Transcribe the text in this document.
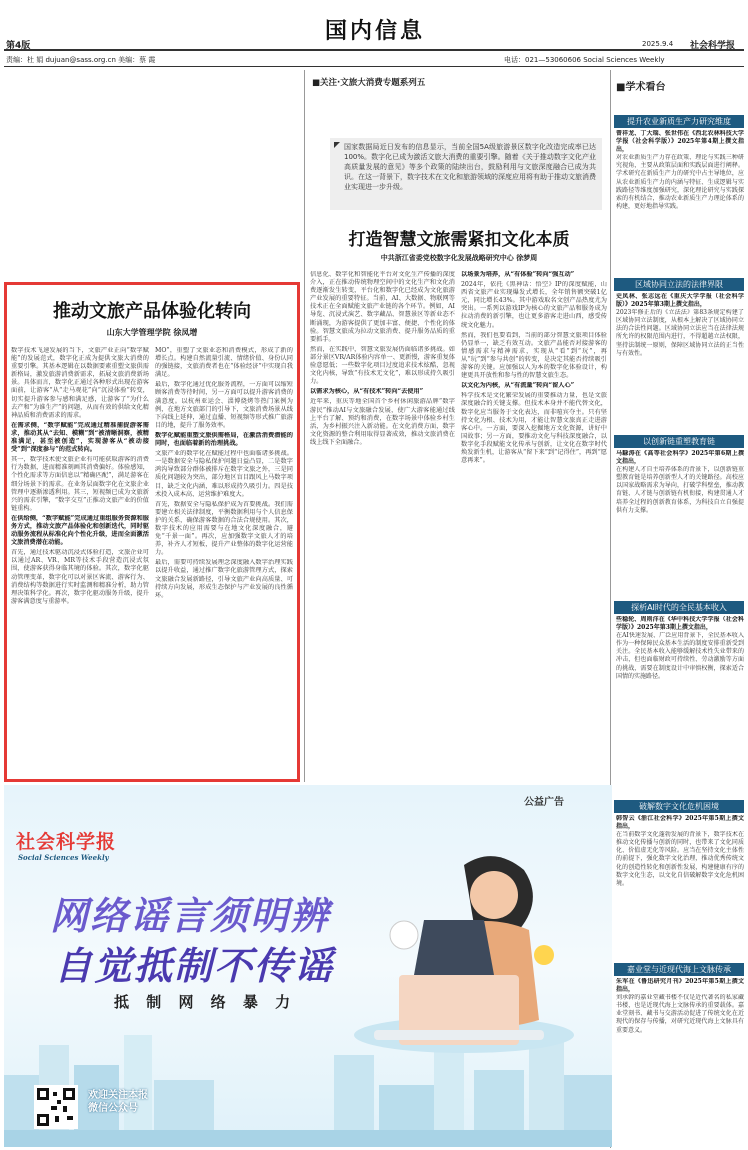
国内信息
第4版	2025.9.4 社会科学报
责编：杜 娟 dujuan@sass.org.cn 美编：蔡 霞	电话：021—53060606 Social Sciences Weekly
■关注·文旅大消费专题系列五
国家数据局近日发布的信息显示，当前全国5A级旅游景区数字化改造完成率已达100%。数字化已成为激活文旅大消费的重要引擎。随着《关于推动数字文化产业高质量发展的意见》等多个政策的陆续出台，鼓励利用与文旅深度融合已成为共识。在这一背景下，数字技术在文化和旅游领域的深度应用将有助于推动文旅消费业实现进一步升级。
推动文旅产品体验化转向
山东大学管理学院 徐凤增

数字技术飞速发展的当下，文旅产业正向“数字赋能”的发展范式，数字化正成为提供文旅大消费的重要引擎。其基本逻辑在以数据要素重塑文旅供需新格局，激发旅游消费新需求，拓展文旅消费新场景。具体而言，数字化正通过各种形式出现在游客面前，让游客“从“走马观花”向“沉浸体验”转变，切实提升游客参与感和满足感，让游客了“为什么去产和”为谁生产”的问题，从而有效的供给文化精神品质和消费需求的需求。

在需求侧，“数字赋能”完成通过精准捕捉游客需求，推动其从“去知、模糊”到“被清晰洞察，被精准满足，甚至被创造”，实现游客从“被动接受”到“深度参与”的范式转向。

其一，数字技术使文旅企业有可能获取游客的消费行为数据，进而精准刻画其消费偏好。体验感知，个性化需求等方面信息以“精确匹配”，满足游客在细分场景下的需求。在业务层面数字化在文旅企业管理中逐渐渗透利用。其三，短视频已成为文旅新兴的需求引擎，“数字交互”正推动文旅产业的价值链重构。

在供给侧，“数字赋能”完成通过重组服务资源和服务方式，推动文旅产品体验化和创新迭代，同时驱动服务流程从标准化向个性化升级，进而全面激活文旅消费潜在动能。

首先，通过技术驱动沉浸式体验打造，文旅企业可以通过AR、VR、MR等技术手段营造沉浸式氛围，使游客获得身临其境的体验。其次，数字化驱动管理变革，数字化可以对景区客流、游客行为、消费结构等数据进行实时监测和精准分析，助力管理决策科学化。再次，数字化驱动服务升级，提升游客满意度与重游率。

MO”，重塑了文旅业态和消费模式，形成了新的增长点。构建自然流量引流、情绪价值、身份认同的强链接，文旅消费者也在“体验经济”中实现自我满足。

最后，数字化通过优化服务流程，一方面可以缩短顾客消费等待时间，另一方面可以提升游客消费的满意度。以杭州亚运会、淄博烧烤等热门案例为例，在地方文旅部门的引导下，文旅消费场景从线下向线上延伸，通过直播、短视频等形式推广旅游目的地，提升了服务效率。

数字化赋能重塑文旅供需格局，在激活消费潜能的同时，也面临着新的治理挑战。

文旅产业的数字化在赋能过程中也面临诸多挑战。一是数据安全与隐私保护问题日益凸显，二是数字鸿沟导致部分群体被排斥在数字文旅之外，三是同质化问题较为突出，部分地区盲目跟风上马数字项目，缺乏文化内涵，难以形成持久吸引力。四是技术投入成本高、运营维护难度大。

首先，数据安全与隐私保护成为首要挑战。我们需要建立相关法律制度，平衡数据利用与个人信息保护的关系，确保游客数据的合法合规使用。其次，数字技术的应用需要与在地文化深度融合，避免“千景一面”。再次，应加强数字文旅人才的培养，补齐人才短板，提升产业整体的数字化运营能力。

最后，需要可持续发展理念深度融入数字治理实践以提升收益，通过推广数字化旅游管理方式，探索文旅融合发展新路径，引导文旅产业向高质量、可持续方向发展，形成生态保护与产业发展的良性循环。

打造智慧文旅需紧扣文化本质
中共浙江省委党校数字化发展战略研究中心 徐梦周

信息化、数字化和智能化平台对文化生产传播的深度介入，正在推动传统物理空间中的文化生产和文化消费逐渐发生转变，平台化和数字化已经成为文化旅游产业发展的重要特征。当前，AI、大数据、物联网等技术正在全面赋能文旅产业链的各个环节。例如，AI导览、沉浸式演艺、数字藏品、智慧景区等新业态不断涌现，为游客提供了更加丰富、便捷、个性化的体验。智慧文旅成为拉动文旅消费、提升服务品质的重要抓手。

然而，在实践中，智慧文旅发展仍面临诸多挑战。如部分景区VR/AR体验内容单一、更新慢，游客重复体验意愿低；一些数字化项目过度追求技术炫酷，忽视文化内核，导致“有技术无文化”，难以形成持久吸引力。

以需求为核心，从“有技术”转向“去使用”

近年来，重庆等地全国首个乡村休闲旅游品牌“数字游民”推动AI与文旅融合发展，使广大游客能通过线上平台了解、预约和消费，在数字场景中体验乡村生活，为乡村振兴注入新动能。在文化消费方面，数字文化资源的整合利用取得显著成效，推动文旅消费在线上线下全面融合。

以场景为培养，从“有体验”转向“强互动”

2024年，依托《黑神话：悟空》IP的深度赋能，山西省文旅产业实现爆发式增长，全年销售额突破1亿元，同比增长43%。其中游戏取名文创产品热度尤为突出。一系列以游戏IP为核心的文旅产品和服务成为拉动消费的新引擎，也让更多游客走进山西，感受传统文化魅力。

然而，我们也要看到，当前的部分智慧文旅项目体验仍显单一，缺乏有效互动。文旅产品能否对接游客的情感需求与精神需求，实现从“看”到“玩”，再从“玩”到“参与共创”的转变，是决定其能否持续吸引游客的关键。应加强以人为本的数字化体验设计，构建更具开放性和参与性的智慧文旅生态。

以文化为内核，从“有流量”转向“留人心”

科学技术是文化繁荣发展的重要推动力量，也是文旅深度融合的关键支撑。但技术本身并不能代替文化，数字化应当服务于文化表达，而非喧宾夺主。只有坚持文化为根、技术为用，才能让智慧文旅真正走进游客心中。一方面，要深入挖掘地方文化资源，讲好中国故事；另一方面，要推动文化与科技深度融合，以数字化手段赋能文化传承与创新，让文化在数字时代焕发新生机，让游客从“留下来”到“记得住”，再到“愿意再来”。

■学术看台
提升农业新质生产力研究维度

曾祥龙、丁大瑞、张世伟在《西北农林科技大学学报（社会科学版）》2025年第4期上撰文指出，

对农业新质生产力存在政策、理论与实践三种研究视角，主要从政策层面和实践层面进行阐释。学术研究在新质生产力的研究中占主导地位，应从农业新质生产力的内涵与特征、生成逻辑与实践路径等维度加强研究，深化理论研究与实践探索的有机结合，推动农业新质生产力理论体系的构建，更好地指导实践。

区域协同立法的法律界限

史凤林、张志远在《重庆大学学报（社会科学版）》2025年第3期上撰文指出，

2023年修正后的《立法法》第83条规定构建了区域协同立法制度，从根本上解决了区域协同立法的合法性问题。区域协同立法应当在法律法规所允许的权限范围内进行，不得超越立法权限，坚持法制统一原则，保障区域协同立法的正当性与有效性。

以创新链重塑教育链

马騄涛在《高等社会科学》2025年第6期上撰文指出，

在构建人才自主培养体系的背景下，以创新链重塑教育链是培养创新型人才的关键路径。高校应以国家战略需求为导向，打破学科壁垒，推动教育链、人才链与创新链有机衔接，构建贯通人才培养全过程的创新教育体系，为科技自立自强提供有力支撑。

探析AI时代的全民基本收入

些稳轮、周则洋在《华中科技大学学报（社会科学版）》2025年第3期上撰文指出，

在AI快速发展、广泛应用背景下，全民基本收入作为一种保障民众基本生活的制度安排重新受到关注。全民基本收入能够缓解技术性失业带来的冲击，但也面临财政可持续性、劳动激励等方面的挑战，需要在制度设计中审慎权衡，探索适合国情的实施路径。

破解数字文化危机困境

韩智云《浙江社会科学》2025年第5期上撰文指出，

在当前数字文化蓬勃发展的背景下，数字技术在推动文化传播与创新的同时，也带来了文化同质化、价值虚无化等风险。应当在坚持文化主体性的前提下，强化数字文化治理，推动优秀传统文化的创造性转化和创新性发展，构建健康有序的数字文化生态，以文化自信破解数字文化危机困境。

嘉业堂与近现代海上文脉传承

朱军在《鲁迅研究月刊》2025年第5期上撰文指出，

刘承幹的嘉业堂藏书楼不仅是近代著名的私家藏书楼，也是近现代海上文脉传承的重要载体。嘉业堂刻书、藏书与交游活动促进了传统文化在近现代的保存与传播，对研究近现代海上文脉具有重要意义。

公益广告
社会科学报
Social Sciences Weekly
网络谣言须明辨
自觉抵制不传谣
抵 制 网 络 暴 力
欢迎关注本报微信公众号
